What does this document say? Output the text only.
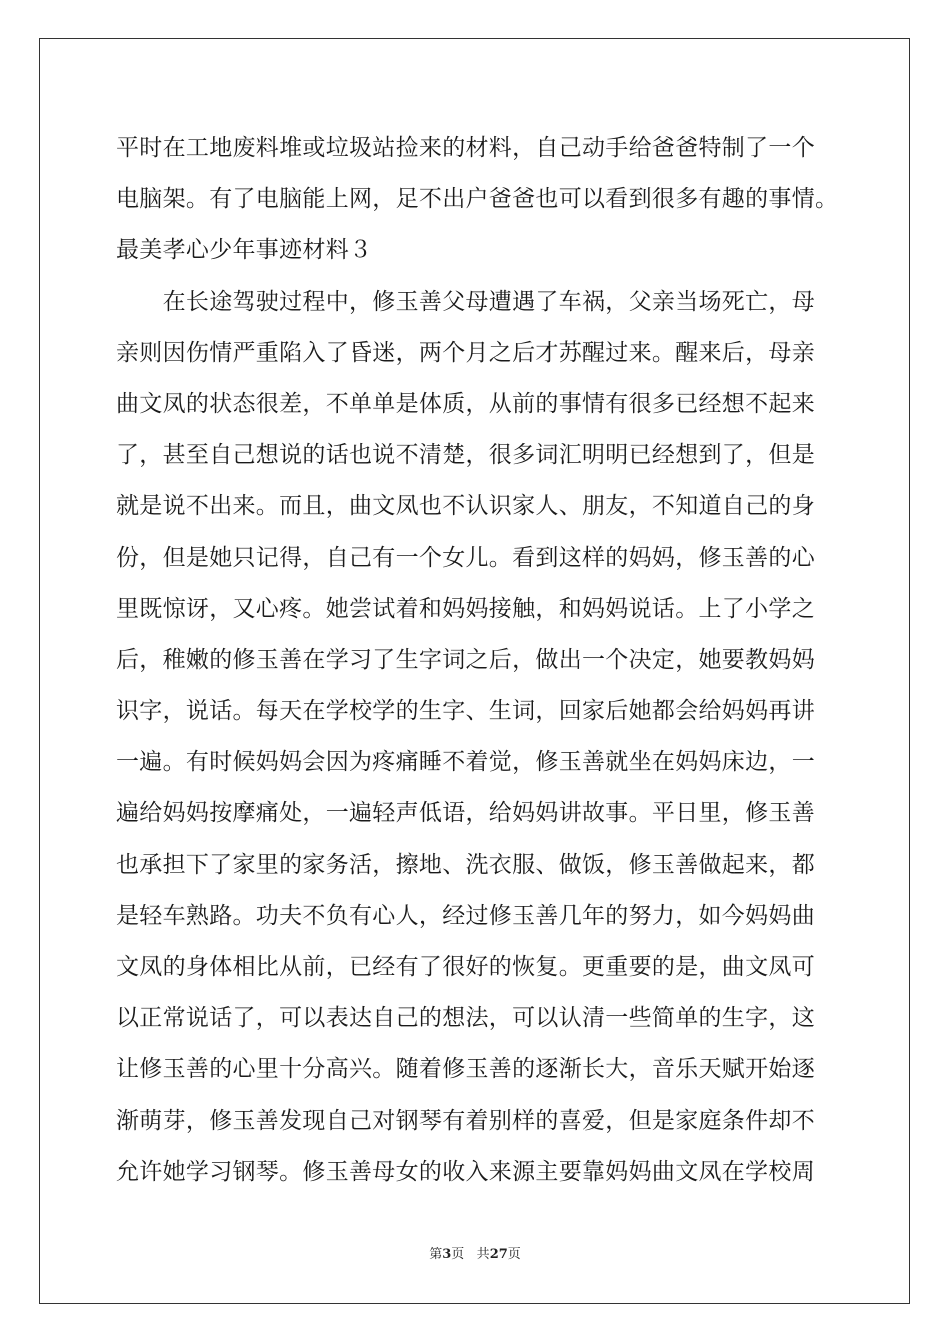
平时在工地废料堆或垃圾站捡来的材料，自己动手给爸爸特制了一个
电脑架。有了电脑能上网，足不出户爸爸也可以看到很多有趣的事情。
最美孝心少年事迹材料３
　　在长途驾驶过程中，修玉善父母遭遇了车祸，父亲当场死亡，母
亲则因伤情严重陷入了昏迷，两个月之后才苏醒过来。醒来后，母亲
曲文凤的状态很差，不单单是体质，从前的事情有很多已经想不起来
了，甚至自己想说的话也说不清楚，很多词汇明明已经想到了，但是
就是说不出来。而且，曲文凤也不认识家人、朋友，不知道自己的身
份，但是她只记得，自己有一个女儿。看到这样的妈妈，修玉善的心
里既惊讶，又心疼。她尝试着和妈妈接触，和妈妈说话。上了小学之
后，稚嫩的修玉善在学习了生字词之后，做出一个决定，她要教妈妈
识字，说话。每天在学校学的生字、生词，回家后她都会给妈妈再讲
一遍。有时候妈妈会因为疼痛睡不着觉，修玉善就坐在妈妈床边，一
遍给妈妈按摩痛处，一遍轻声低语，给妈妈讲故事。平日里，修玉善
也承担下了家里的家务活，擦地、洗衣服、做饭，修玉善做起来，都
是轻车熟路。功夫不负有心人，经过修玉善几年的努力，如今妈妈曲
文凤的身体相比从前，已经有了很好的恢复。更重要的是，曲文凤可
以正常说话了，可以表达自己的想法，可以认清一些简单的生字，这
让修玉善的心里十分高兴。随着修玉善的逐渐长大，音乐天赋开始逐
渐萌芽，修玉善发现自己对钢琴有着别样的喜爱，但是家庭条件却不
允许她学习钢琴。修玉善母女的收入来源主要靠妈妈曲文凤在学校周
第3页 共27页
